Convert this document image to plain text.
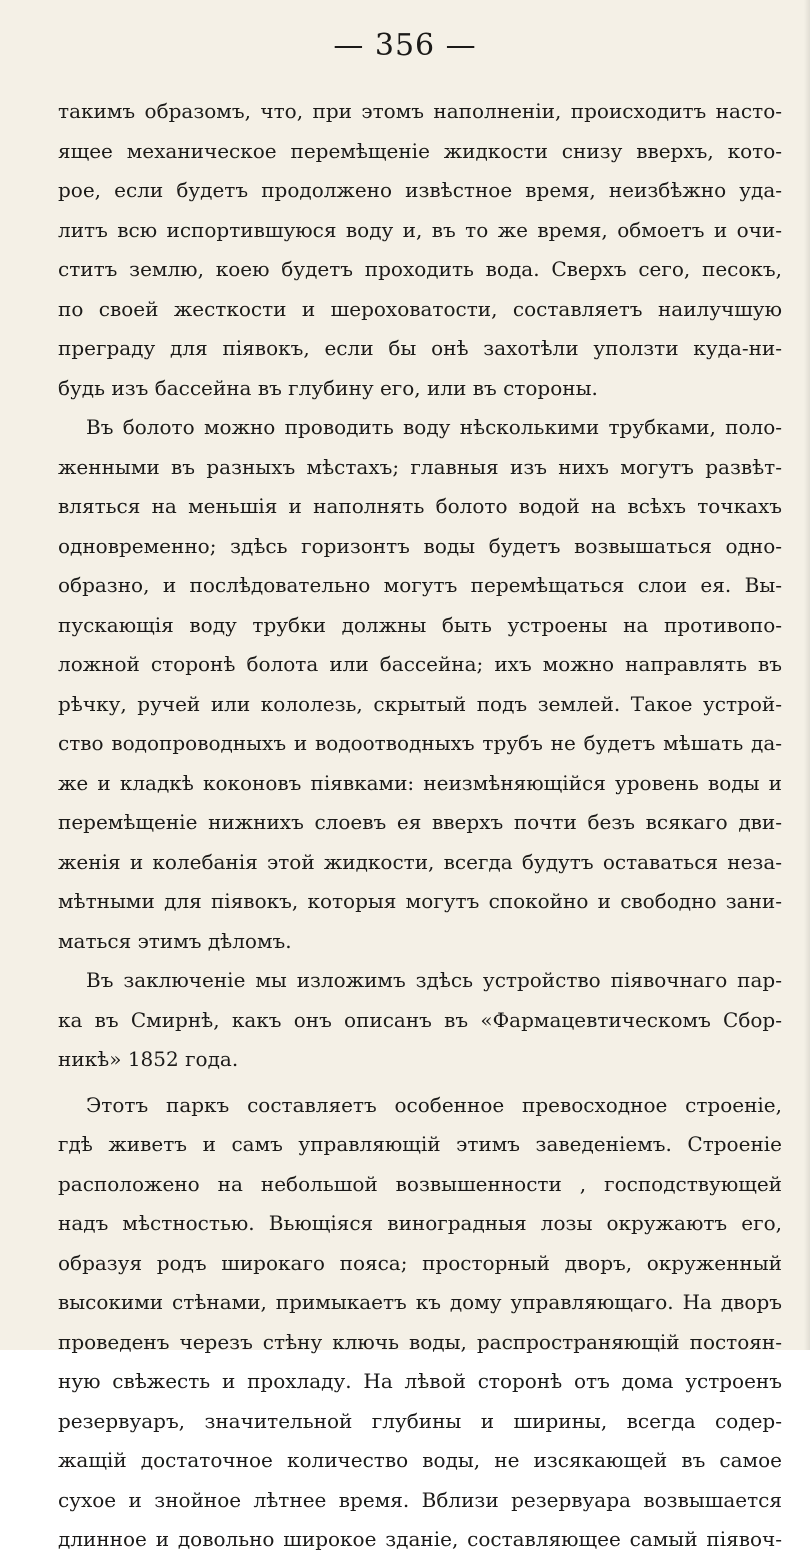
— 356 —
такимъ образомъ, что, при этомъ наполненіи, происходитъ насто-
ящее механическое перемѣщеніе жидкости снизу вверхъ, кото-
рое, если будетъ продолжено извѣстное время, неизбѣжно уда-
литъ всю испортившуюся воду и, въ то же время, обмоетъ и очи-
ститъ землю, коею будетъ проходить вода. Сверхъ сего, песокъ,
по своей жесткости и шероховатости, составляетъ наилучшую
преграду для піявокъ, если бы онѣ захотѣли уползти куда-ни-
будь изъ бассейна въ глубину его, или въ стороны.
Въ болото можно проводить воду нѣсколькими трубками, поло-
женными въ разныхъ мѣстахъ; главныя изъ нихъ могутъ развѣт-
вляться на меньшія и наполнять болото водой на всѣхъ точкахъ
одновременно; здѣсь горизонтъ воды будетъ возвышаться одно-
образно, и послѣдовательно могутъ перемѣщаться слои ея. Вы-
пускающія воду трубки должны быть устроены на противопо-
ложной сторонѣ болота или бассейна; ихъ можно направлять въ
рѣчку, ручей или кололезь, скрытый подъ землей. Такое устрой-
ство водопроводныхъ и водоотводныхъ трубъ не будетъ мѣшать да-
же и кладкѣ коконовъ піявками: неизмѣняющійся уровень воды и
перемѣщеніе нижнихъ слоевъ ея вверхъ почти безъ всякаго дви-
женія и колебанія этой жидкости, всегда будутъ оставаться неза-
мѣтными для піявокъ, которыя могутъ спокойно и свободно зани-
маться этимъ дѣломъ.
Въ заключеніе мы изложимъ здѣсь устройство піявочнаго пар-
ка въ Смирнѣ, какъ онъ описанъ въ «Фармацевтическомъ Сбор-
никѣ» 1852 года.
Этотъ паркъ составляетъ особенное превосходное строеніе,
гдѣ живетъ и самъ управляющій этимъ заведеніемъ. Строеніе
расположено на небольшой возвышенности , господствующей
надъ мѣстностью. Вьющіяся виноградныя лозы окружаютъ его,
образуя родъ широкаго пояса; просторный дворъ, окруженный
высокими стѣнами, примыкаетъ къ дому управляющаго. На дворъ
проведенъ черезъ стѣну ключь воды, распространяющій постоян-
ную свѣжесть и прохладу. На лѣвой сторонѣ отъ дома устроенъ
резервуаръ, значительной глубины и ширины, всегда содер-
жащій достаточное количество воды, не изсякающей въ самое
сухое и знойное лѣтнее время. Вблизи резервуара возвышается
длинное и довольно широкое зданіе, составляющее самый піявоч-
